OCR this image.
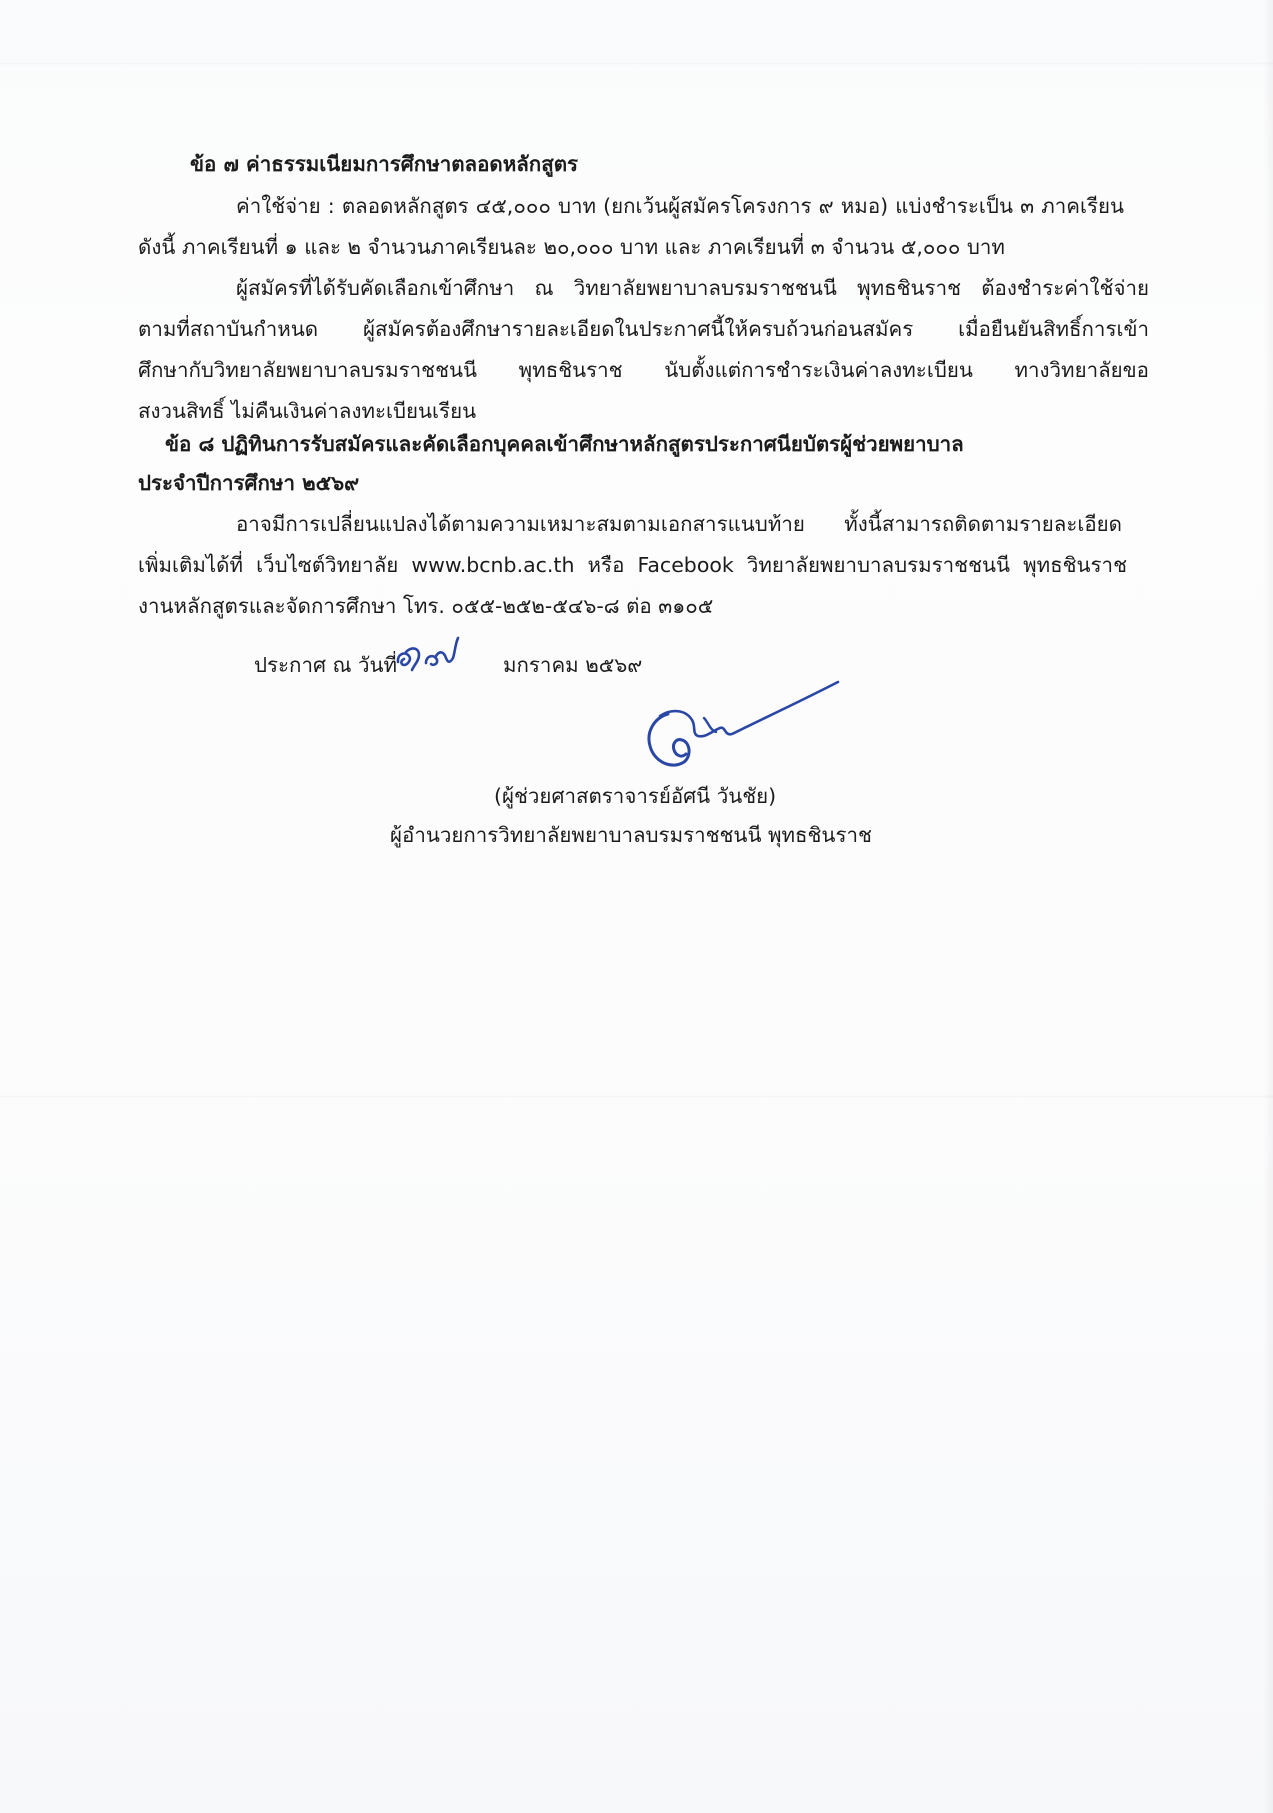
ข้อ ๗ ค่าธรรมเนียมการศึกษาตลอดหลักสูตร

ค่าใช้จ่าย : ตลอดหลักสูตร ๔๕,๐๐๐ บาท (ยกเว้นผู้สมัครโครงการ ๙ หมอ) แบ่งชำระเป็น ๓ ภาคเรียน

ดังนี้ ภาคเรียนที่ ๑ และ ๒ จำนวนภาคเรียนละ ๒๐,๐๐๐ บาท และ ภาคเรียนที่ ๓ จำนวน ๕,๐๐๐ บาท

ผู้สมัครที่ได้รับคัดเลือกเข้าศึกษา ณ วิทยาลัยพยาบาลบรมราชชนนี พุทธชินราช ต้องชำระค่าใช้จ่าย

ตามที่สถาบันกำหนด ผู้สมัครต้องศึกษารายละเอียดในประกาศนี้ให้ครบถ้วนก่อนสมัคร เมื่อยืนยันสิทธิ์การเข้า

ศึกษากับวิทยาลัยพยาบาลบรมราชชนนี พุทธชินราช นับตั้งแต่การชำระเงินค่าลงทะเบียน ทางวิทยาลัยขอ

สงวนสิทธิ์ ไม่คืนเงินค่าลงทะเบียนเรียน

ข้อ ๘ ปฏิทินการรับสมัครและคัดเลือกบุคคลเข้าศึกษาหลักสูตรประกาศนียบัตรผู้ช่วยพยาบาล

ประจำปีการศึกษา ๒๕๖๙

อาจมีการเปลี่ยนแปลงได้ตามความเหมาะสมตามเอกสารแนบท้าย ทั้งนี้สามารถติดตามรายละเอียด

เพิ่มเติมได้ที่ เว็บไซต์วิทยาลัย www.bcnb.ac.th หรือ Facebook วิทยาลัยพยาบาลบรมราชชนนี พุทธชินราช

งานหลักสูตรและจัดการศึกษา โทร. ๐๕๕-๒๕๒-๕๔๖-๘ ต่อ ๓๑๐๕

ประกาศ ณ วันที่	มกราคม ๒๕๖๙
(ผู้ช่วยศาสตราจารย์อัศนี วันชัย)
ผู้อำนวยการวิทยาลัยพยาบาลบรมราชชนนี พุทธชินราช
